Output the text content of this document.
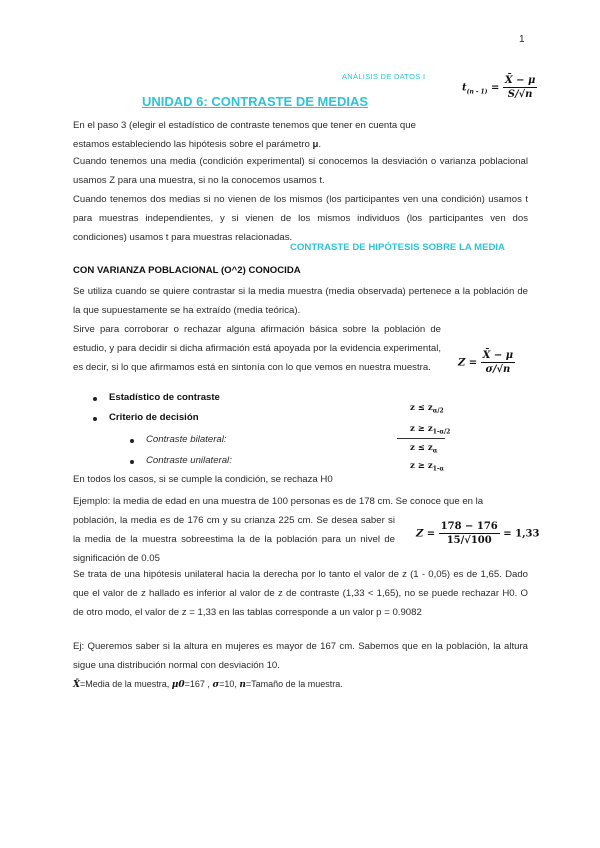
1
ANÁLISIS DE DATOS I
$t_{(n - 1)} = \frac{X̄ - \mu}{S/√n}$
UNIDAD 6: CONTRASTE DE MEDIAS
En el paso 3 (elegir el estadístico de contraste tenemos que tener en cuenta que
estamos estableciendo las hipótesis sobre el parámetro μ.
Cuando tenemos una media (condición experimental) si conocemos la desviación o varianza poblacional usamos Z para una muestra, si no la conocemos usamos t.
Cuando tenemos dos medias si no vienen de los mismos (los participantes ven una condición) usamos t para muestras independientes, y si vienen de los mismos individuos (los participantes ven dos condiciones) usamos t para muestras relacionadas.
CONTRASTE DE HIPÓTESIS SOBRE LA MEDIA
CON VARIANZA POBLACIONAL (O^2) CONOCIDA
Se utiliza cuando se quiere contrastar si la media muestra (media observada) pertenece a la población de la que supuestamente se ha extraído (media teórica).
Sirve para corroborar o rechazar alguna afirmación básica sobre la población de estudio, y para decidir si dicha afirmación está apoyada por la evidencia experimental, es decir, si lo que afirmamos está en sintonía con lo que vemos en nuestra muestra.	$Z = \frac{X̄ - \mu}{\sigma/√n}$
Estadístico de contraste
Criterio de decisión
Contraste bilateral:
Contraste unilateral:
$z \le z_{\alpha/2}$
$z \ge z_{1-\alpha/2}$
$z \le z_\alpha$
$z \ge z_{1-\alpha}$
En todos los casos, si se cumple la condición, se rechaza H0
Ejemplo: la media de edad en una muestra de 100 personas es de 178 cm. Se conoce que en la
población, la media es de 176 cm y su crianza 225 cm. Se desea saber si la media de la muestra sobreestima la de la población para un nivel de significación de 0.05
$Z = \frac{178 - 176}{15/√100} = 1,33$
Se trata de una hipótesis unilateral hacia la derecha por lo tanto el valor de z (1 - 0,05) es de 1,65. Dado que el valor de z hallado es inferior al valor de z de contraste (1,33 < 1,65), no se puede rechazar H0. O de otro modo, el valor de z = 1,33 en las tablas corresponde a un valor p = 0.9082
Ej: Queremos saber si la altura en mujeres es mayor de 167 cm. Sabemos que en la población, la altura sigue una distribución normal con desviación 10.
X̄=Media de la muestra, μ0=167 , σ=10, n=Tamaño de la muestra.
